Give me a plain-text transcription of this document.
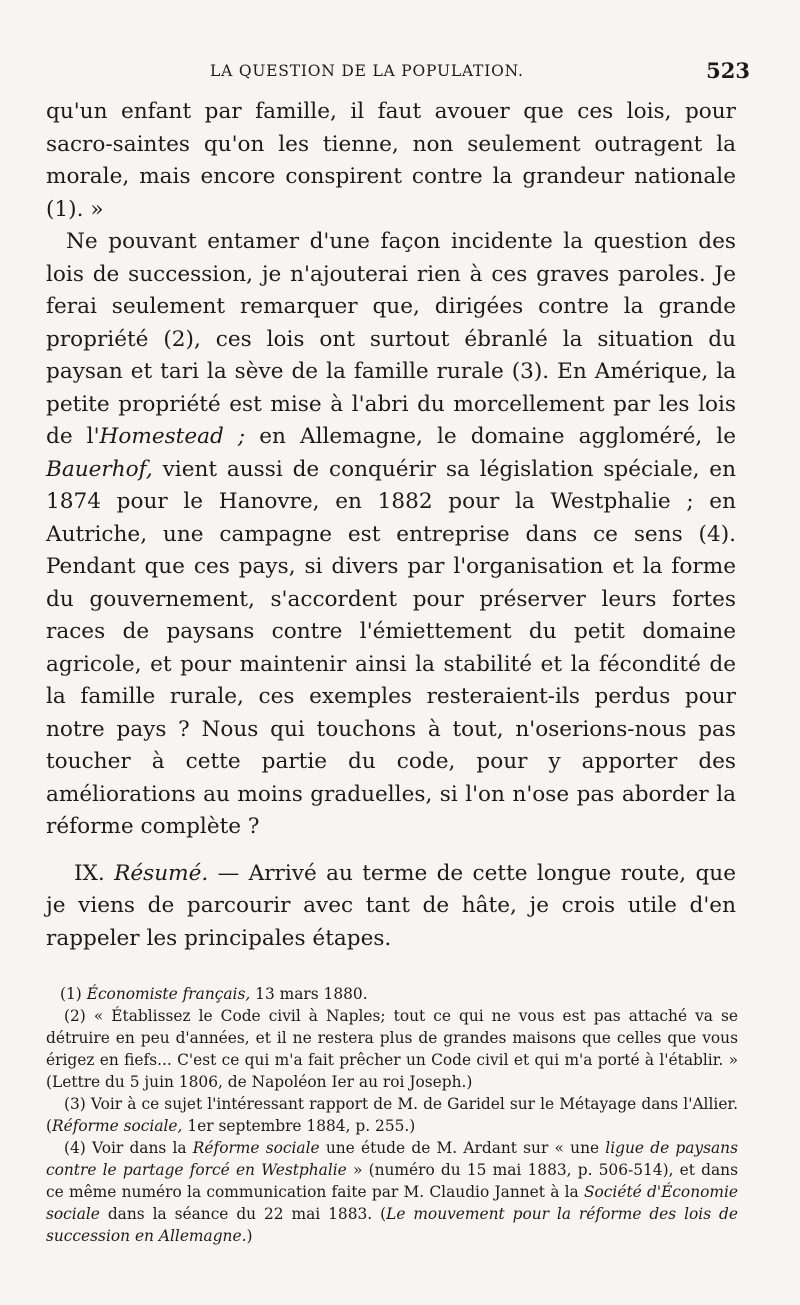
LA QUESTION DE LA POPULATION.	523

qu'un enfant par famille, il faut avouer que ces lois, pour sacro-saintes qu'on les tienne, non seulement outragent la morale, mais encore conspirent contre la grandeur nationale (1). »

Ne pouvant entamer d'une façon incidente la question des lois de succession, je n'ajouterai rien à ces graves paroles. Je ferai seulement remarquer que, dirigées contre la grande propriété (2), ces lois ont surtout ébranlé la situation du paysan et tari la sève de la famille rurale (3). En Amérique, la petite propriété est mise à l'abri du morcellement par les lois de l'Homestead ; en Allemagne, le domaine aggloméré, le Bauerhof, vient aussi de conquérir sa législation spéciale, en 1874 pour le Hanovre, en 1882 pour la Westphalie ; en Autriche, une campagne est entreprise dans ce sens (4). Pendant que ces pays, si divers par l'organisation et la forme du gouvernement, s'accordent pour préserver leurs fortes races de paysans contre l'émiettement du petit domaine agricole, et pour maintenir ainsi la stabilité et la fécondité de la famille rurale, ces exemples resteraient-ils perdus pour notre pays ? Nous qui touchons à tout, n'oserions-nous pas toucher à cette partie du code, pour y apporter des améliorations au moins graduelles, si l'on n'ose pas aborder la réforme complète ?

IX. Résumé. — Arrivé au terme de cette longue route, que je viens de parcourir avec tant de hâte, je crois utile d'en rappeler les principales étapes.

(1) Économiste français, 13 mars 1880.

(2) « Établissez le Code civil à Naples; tout ce qui ne vous est pas attaché va se détruire en peu d'années, et il ne restera plus de grandes maisons que celles que vous érigez en fiefs... C'est ce qui m'a fait prêcher un Code civil et qui m'a porté à l'établir. » (Lettre du 5 juin 1806, de Napoléon Ier au roi Joseph.)

(3) Voir à ce sujet l'intéressant rapport de M. de Garidel sur le Métayage dans l'Allier. (Réforme sociale, 1er septembre 1884, p. 255.)

(4) Voir dans la Réforme sociale une étude de M. Ardant sur « une ligue de paysans contre le partage forcé en Westphalie » (numéro du 15 mai 1883, p. 506-514), et dans ce même numéro la communication faite par M. Claudio Jannet à la Société d'Économie sociale dans la séance du 22 mai 1883. (Le mouvement pour la réforme des lois de succession en Allemagne.)
